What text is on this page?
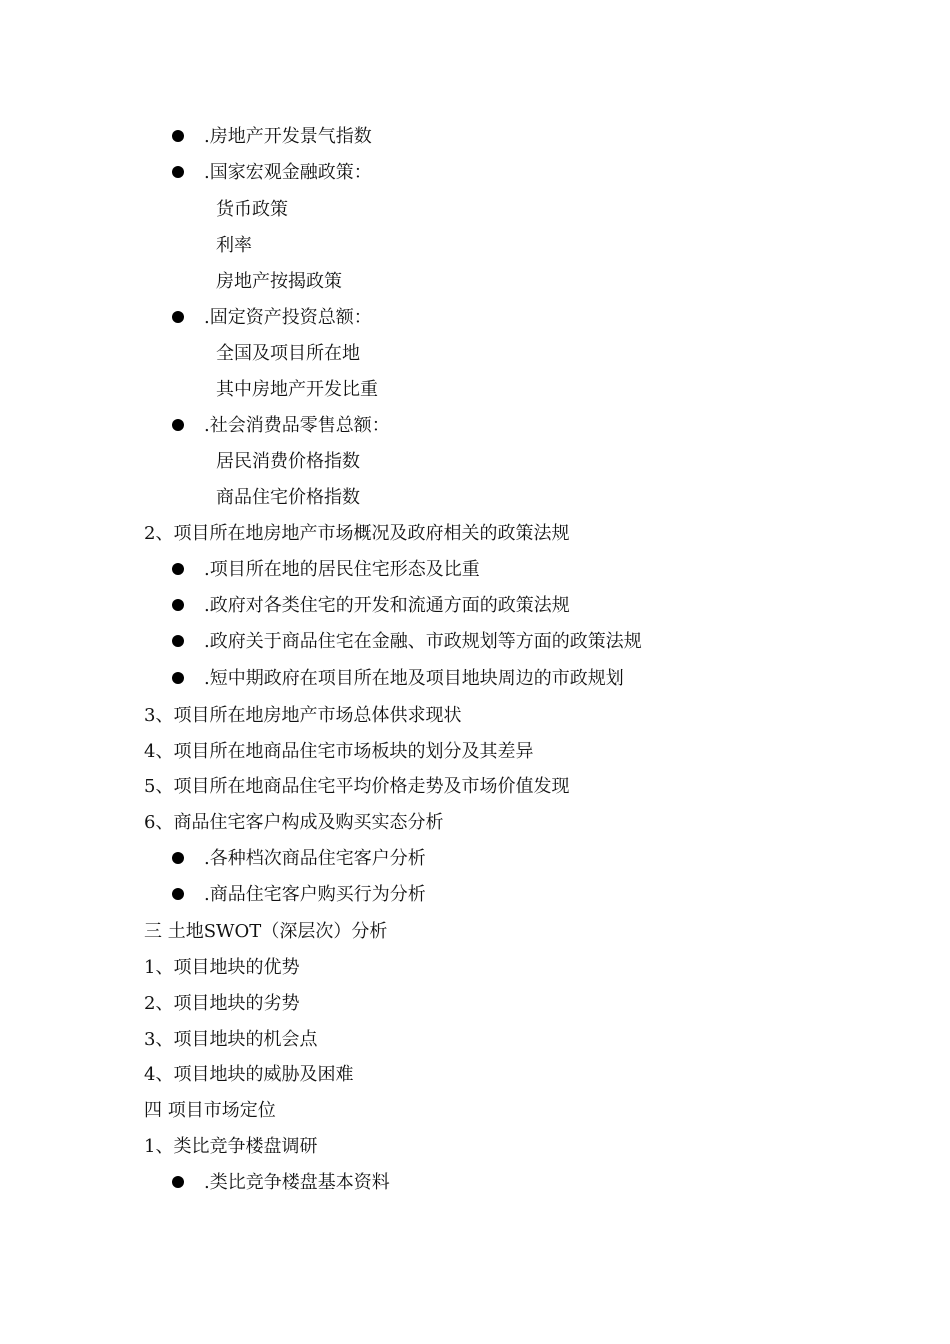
.房地产开发景气指数
.国家宏观金融政策：
货币政策
利率
房地产按揭政策
.固定资产投资总额：
全国及项目所在地
其中房地产开发比重
.社会消费品零售总额：
居民消费价格指数
商品住宅价格指数
2、项目所在地房地产市场概况及政府相关的政策法规
.项目所在地的居民住宅形态及比重
.政府对各类住宅的开发和流通方面的政策法规
.政府关于商品住宅在金融、市政规划等方面的政策法规
.短中期政府在项目所在地及项目地块周边的市政规划
3、项目所在地房地产市场总体供求现状
4、项目所在地商品住宅市场板块的划分及其差异
5、项目所在地商品住宅平均价格走势及市场价值发现
6、商品住宅客户构成及购买实态分析
.各种档次商品住宅客户分析
.商品住宅客户购买行为分析
三 土地SWOT（深层次）分析
1、项目地块的优势
2、项目地块的劣势
3、项目地块的机会点
4、项目地块的威胁及困难
四 项目市场定位
1、类比竞争楼盘调研
.类比竞争楼盘基本资料
